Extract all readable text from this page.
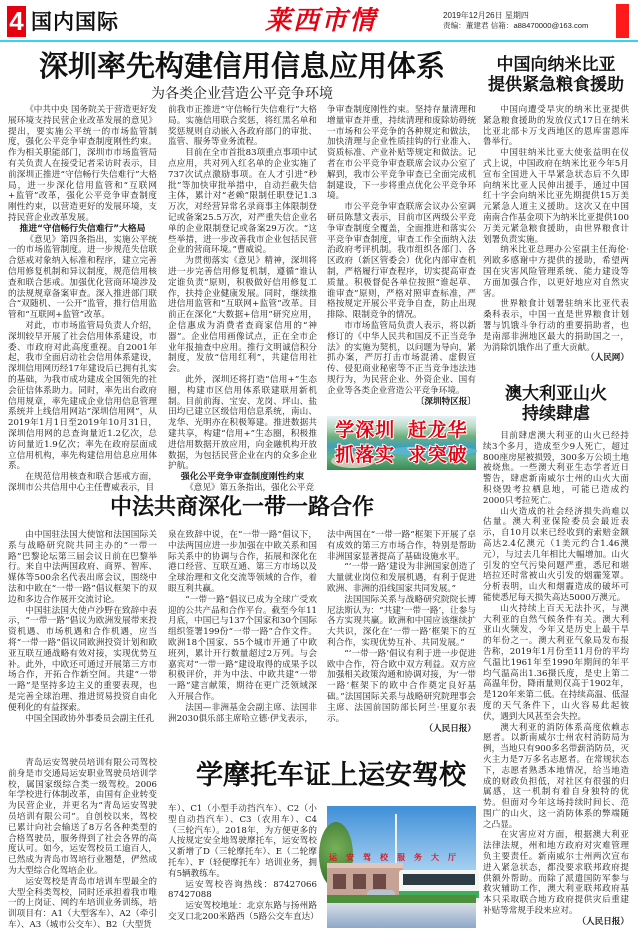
4 国内国际	莱西市情	2019年12月26日 星期四
责编：董建君 信箱：a88470000@163.com
深圳率先构建信用信息应用体系
为各类企业营造公平竞争环境

《中共中央 国务院关于营造更好发展环境支持民营企业改革发展的意见》提出，要实施公平统一的市场监管制度，强化公平竞争审查制度刚性约束。作为相关职能部门，深圳市市场监管局有关负责人在接受记者采访时表示，目前深圳正推进“守信畅行失信难行”大格局，进一步深化信用监管和“互联网+监管”改革，强化公平竞争审查制度刚性约束，以营造更好的发展环境，支持民营企业改革发展。

推进“守信畅行失信难行”大格局

《意见》第四条指出，实施公平统一的市场监管制度。进一步规范失信联合惩戒对象纳入标准和程序，建立完善信用修复机制和异议制度，规范信用核查和联合惩戒。加强优化营商环境涉及的法规规章备案审查。深入推进部门联合“双随机、一公开”监管，推行信用监管和“互联网+监管”改革。

对此，市市场监管局负责人介绍，深圳较早开展了社会信用体系建设，市委、市政府对此高度重视。自2001年起，我市全面启动社会信用体系建设，深圳信用网历经17年建设后已拥有扎实的基础，为我市成功建成全国领先的社会征信体系助力。同时，率先出台政府信用规章，率先建成企业信用信息管理系统并上线信用网站“深圳信用网”，从2019年1月1日至2019年10月31日，深圳信用网的总查询量近1.2亿次，总访问量近1.9亿次；率先在政府层面成立信用机构，率先构建信用信息应用体系。

在规范信用核查和联合惩戒方面，深圳市公共信用中心主任曹威表示，目

前我市正推进“守信畅行失信难行”大格局。实施信用联合奖惩，将红黑名单和奖惩规则自动嵌入各政府部门的审批、监管、服务等业务流程。

目前在全市首批83项重点事项中试点应用，共对列入红名单的企业实施了737次试点激励事项。在人才引进“秒批”等加快审批举措中，自动拦截失信主体，累计对“老赖”限制任职登记1.3万次，对经营异常名录商事主体限制登记或备案25.5万次，对严重失信企业名单的企业限制登记或备案29万次。“这些举措，进一步改善我市企业包括民营企业的营商环境。”曹威说。

为贯彻落实《意见》精神，深圳将进一步完善信用修复机制，遵循“谁认定谁负责”原则，积极做好信用修复工作，扶持企业健康发展。同时，继续推进信用监管和“互联网+监管”改革。目前正在深化“大数据+信用”研究应用，企信惠成为消费者查商家信用的“神器”。企业信用画像试点，正在全市企业年报抽查中应用。推行文明诚信积分制度，发放“信用红利”，共建信用社会。

此外，深圳还将打造“信用+”生态圈，构建市区信用体系联建联用新机制。目前前海、宝安、龙岗、坪山、盐田均已建立区级信用信息系统，南山、龙华、光明亦在积极筹建。推进数据共建共享，构建“信用+”生态圈，积极推进信用数据开放应用，向金融机构开放数据，为包括民营企业在内的众多企业护航。

强化公平竞争审查制度刚性约束

《意见》第五条指出，强化公平竞

争审查制度刚性约束。坚持存量清理和增量审查并重，持续清理和废除妨碍统一市场和公平竞争的各种规定和做法，加快清理与企业性质挂钩的行业准入、资质标准、产业补贴等规定和做法。记者在市公平竞争审查联席会议办公室了解到，我市公平竞争审查已全面完成机制建设，下一步将重点优化公平竞争环境。

市公平竞争审查联席会议办公室调研员陈慧文表示，目前市区两级公平竞争审查制度全覆盖，全面推进和落实公平竞争审查制度，审查工作全面纳入法治政府考评机制。我市组织各部门、各区政府（新区管委会）优化内部审查机制，严格履行审查程序，切实提高审查质量。积极督促各单位按照“谁起草、谁审查”原则，严格对照审查标准，严格按规定开展公平竞争自查，防止出现排除、限制竞争的情况。

市市场监管局负责人表示，将以新修订的《中华人民共和国反不正当竞争法》的实施为契机，以问题为导向，紧抓办案，严厉打击市场混淆、虚假宣传、侵犯商业秘密等不正当竞争违法违规行为，为民营企业、外资企业、国有企业等各类企业营造公平竞争环境。

〔深圳特区报〕

学深圳 赶龙华
抓落实 求突破
中法共商深化一带一路合作

由中国驻法国大使馆和法国国际关系与战略研究院共同主办的“一带一路”巴黎论坛第三届会议日前在巴黎举行。来自中法两国政府、商界、智库、媒体等500余名代表出席会议，围绕中法和中欧在“一带一路”倡议框架下的双边和多边合作展开交流讨论。

中国驻法国大使卢沙野在致辞中表示，“一带一路”倡议为欧洲发展带来投资机遇、市场机遇和合作机遇，应当将“一带一路”倡议同欧洲投资计划和欧亚互联互通战略有效对接，实现优势互补。此外，中欧还可通过开展第三方市场合作，开拓合作新空间。共建“一带一路”是坚持多边主义的重要表现，也是完善全球治理、推进贸易投资自由化便利化的有益探索。

中国全国政协外事委员会副主任孔

泉在致辞中说，在“一带一路”倡议下，中法两国应进一步加强在中欧关系和国际关系中的协调与合作，拓展和深化在港口经营、互联互通、第三方市场以及全球治理和文化交流等领域的合作，着眼互利共赢。

“一带一路”倡议已成为全球广受欢迎的公共产品和合作平台。截至今年11月底，中国已与137个国家和30个国际组织签署199份“一带一路”合作文件。欧洲18个国家、55个城市开通了中欧班列，累计开行数量超过2万列。与会嘉宾对“一带一路”建设取得的成果予以积极评价，并为中法、中欧共建“一带一路”建言献策，期待在更广泛领域深入开展合作。

法国—非洲基金会副主席、法国非洲2030俱乐部主席哈立德·伊戈表示，

法中两国在“一带一路”框架下开展了卓有成效的第三方市场合作，特别是帮助非洲国家显著提高了基础设施水平。

“‘一带一路’建设为非洲国家创造了大量就业岗位和发展机遇，有利于促进欧洲、非洲的沿线国家共同发展。”

法国国际关系与战略研究院院长博尼法斯认为：“共建‘一带一路’，让参与各方实现共赢。欧洲和中国应该继续扩大共识，深化在‘一带一路’框架下的互利合作，实现优势互补、共同发展。”

“‘一带一路’倡议有利于进一步促进欧中合作，符合欧中双方利益。双方应加强相关政策沟通和协调对接，为‘一带一路’框架下的欧中合作奠定良好基础。”法国国际关系与战略研究院理事会主席、法国前国防部长阿兰·里夏尔表示。

（人民日报）

青岛运安驾驶员培训有限公司驾校前身是市交通局运安职业驾驶员培训学校，属国家级综合类一级驾校。2006年学校进行体制改革，由国有企业转变为民营企业，并更名为“青岛运安驾驶员培训有限公司”。自创校以来，驾校已累计向社会输送了8万名各种类型的合格驾驶员，服务得到了社会各界的高度认可。如今，运安驾校员工逾百人，已然成为青岛市驾培行业翘楚，俨然成为大型综合化驾培企业。

运安驾校是青岛市培训车型最全的大型全科类驾校，同时还承担着我市唯一的上岗证、网约车培训业务训练，培训项目有：A1（大型客车）、A2（牵引车）、A3（城市公交车）、B2（大型货

学摩托车证上运安驾校

车）、C1（小型手动挡汽车）、C2（小型自动挡汽车）、C3（农用车）、C4（三轮汽车）。2018年，为方便更多的人按规定安全地驾驶摩托车，运安驾校又新增了D（三轮摩托车）、E（二轮摩托车）、F（轻便摩托车）培训业务，拥有5辆教练车。

运安驾校咨询热线：87427066 87427088

运安驾校地址：北京东路与扬州路交叉口北200米路西（5路公交车直达）

运安驾校服务大厅
中国向纳米比亚
提供紧急粮食援助

中国向遭受旱灾的纳米比亚提供紧急粮食援助的发放仪式17日在纳米比亚北部卡万戈西地区的恩库雷恩库鲁举行。

中国驻纳米比亚大使张益明在仪式上说，中国政府在纳米比亚今年5月宣布全国进入干旱紧急状态后不久即向纳米比亚人民伸出援手，通过中国红十字会向纳米比亚先期提供15万美元紧急人道主义援助。这次又在中国南南合作基金项下为纳米比亚提供100万美元紧急粮食援助，由世界粮食计划署负责实施。

纳米比亚总理办公室副主任海伦·列欧多感谢中方提供的援助，希望两国在灾害风险管理系统、能力建设等方面加强合作，以更好地应对自然灾害。

世界粮食计划署驻纳米比亚代表桑科表示，中国一直是世界粮食计划署与饥饿斗争行动的重要捐助者，也是南部非洲地区最大的捐助国之一，为消除饥饿作出了重大贡献。

（人民网）

澳大利亚山火
持续肆虐

目前肆虐澳大利亚的山火已经持续3个多月，造成至少9人死亡，超过800座房屋被损毁，300多万公顷土地被烧焦。一些澳大利亚生态学者近日警告，肆虐新南威尔士州的山火大面积烧毁考拉栖息地，可能已造成约2000只考拉死亡。

山火造成的社会经济损失尚难以估量。澳大利亚保险委员会最近表示，自10月以来已经收到的索赔金额高达2.4亿澳元（1美元约合1.46澳元），与过去几年相比大幅增加。山火引发的空气污染问题严重，悉尼和堪培拉还时常被山火引发的烟霾笼罩。分析表明，山火和烟霾造成的破坏可能使悉尼每天损失高达5000万澳元。

山火持续上百天无法扑灭，与澳大利亚的自然气候条件有关。澳大利亚山火频发，今年又是历史上最干旱的年份之一。澳大利亚气象局发布报告称，2019年1月份至11月份的平均气温比1961年至1990年期间的年平均气温高出1.36摄氏度，是史上第二高温年份，降雨量则仅高于1902年，是120年来第二低。在持续高温、低湿度的天气条件下，山火容易此起彼伏，遇到大风甚至会失控。

澳大利亚的消防体系高度依赖志愿者。以新南威尔士州农村消防局为例，当地只有900多名带薪消防员，灭火主力是7万多名志愿者。在常规状态下，志愿者熟悉本地情况，给当地造成的财政负担低，对社区有很强的归属感，这一机制有着自身独特的优势。但面对今年这场持续时间长、范围广的山火，这一消防体系的弊端随之凸显。

在灾害应对方面，根据澳大利亚法律法规，州和地方政府对灾难管理负主要责任。新南威尔士州两次宣布进入紧急状态，都没要求联邦政府提供额外帮助。而除了派遣国防军参与救灾辅助工作，澳大利亚联邦政府基本只采取联合地方政府提供灾后重建补贴等常规手段来应对。

（人民日报）
